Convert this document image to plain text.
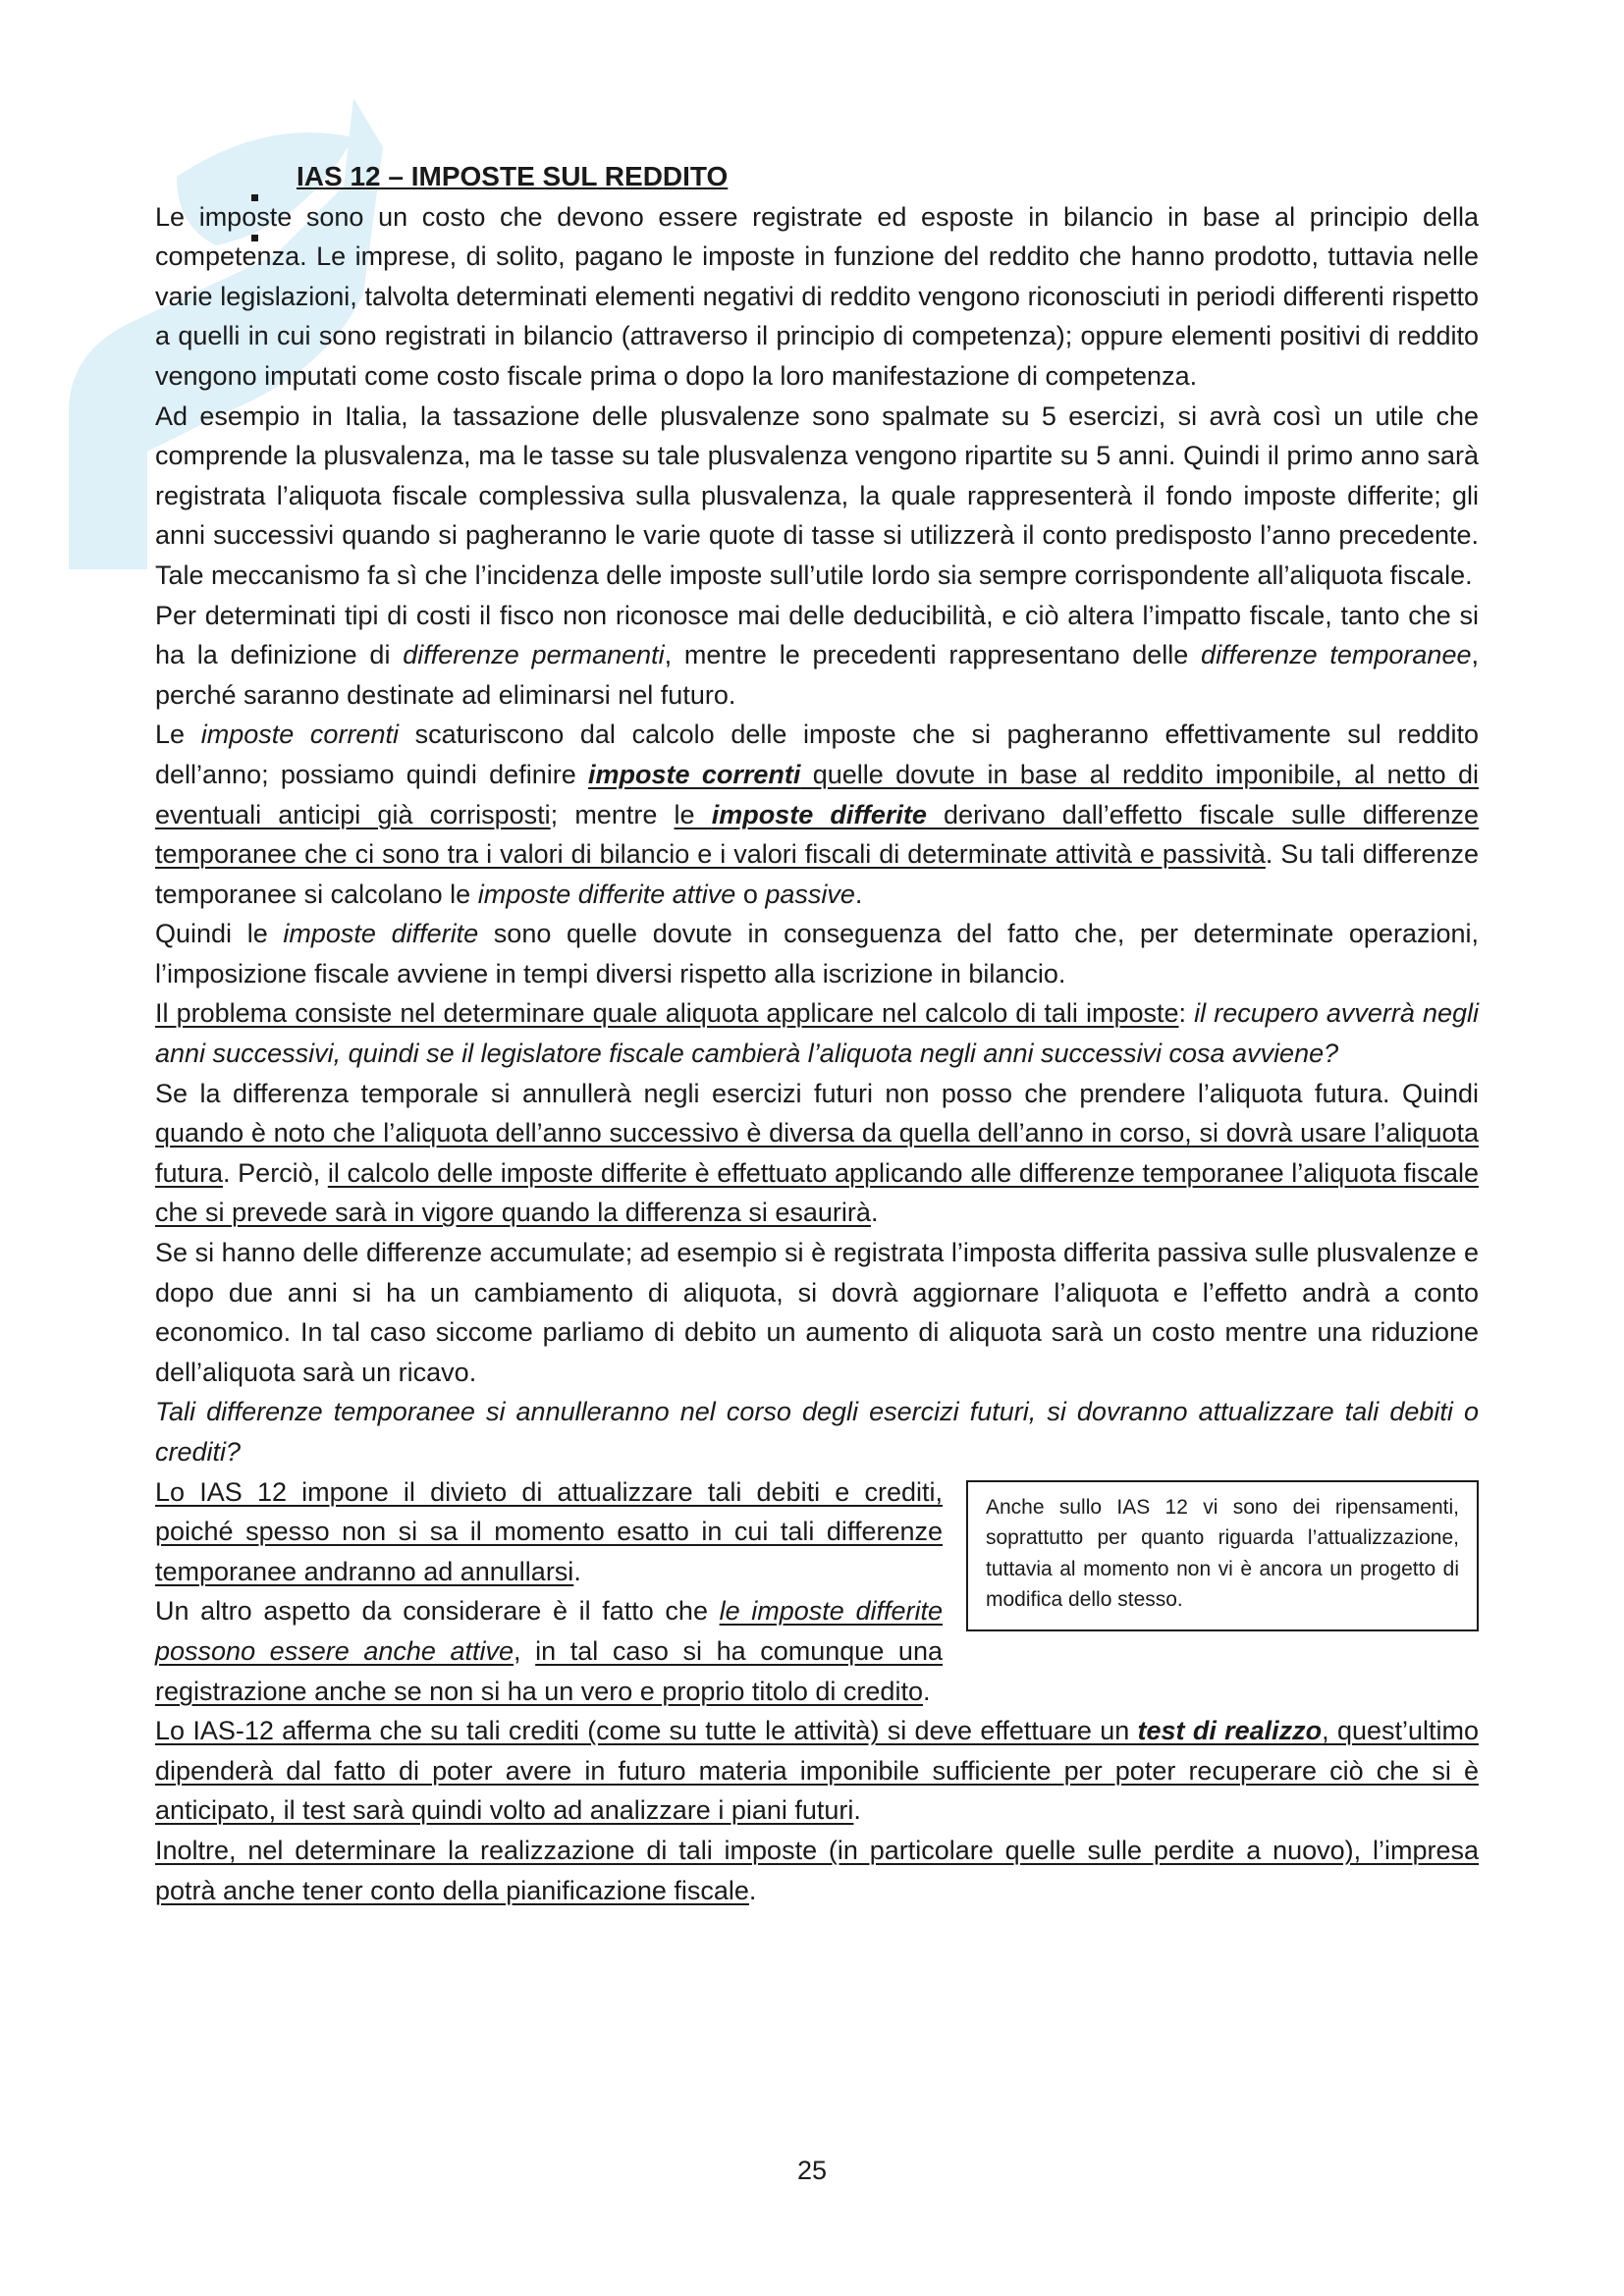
IAS 12 – IMPOSTE SUL REDDITO

Le imposte sono un costo che devono essere registrate ed esposte in bilancio in base al principio della competenza. Le imprese, di solito, pagano le imposte in funzione del reddito che hanno prodotto, tuttavia nelle varie legislazioni, talvolta determinati elementi negativi di reddito vengono riconosciuti in periodi differenti rispetto a quelli in cui sono registrati in bilancio (attraverso il principio di competenza); oppure elementi positivi di reddito vengono imputati come costo fiscale prima o dopo la loro manifestazione di competenza.

Ad esempio in Italia, la tassazione delle plusvalenze sono spalmate su 5 esercizi, si avrà così un utile che comprende la plusvalenza, ma le tasse su tale plusvalenza vengono ripartite su 5 anni. Quindi il primo anno sarà registrata l’aliquota fiscale complessiva sulla plusvalenza, la quale rappresenterà il fondo imposte differite; gli anni successivi quando si pagheranno le varie quote di tasse si utilizzerà il conto predisposto l’anno precedente. Tale meccanismo fa sì che l’incidenza delle imposte sull’utile lordo sia sempre corrispondente all’aliquota fiscale.

Per determinati tipi di costi il fisco non riconosce mai delle deducibilità, e ciò altera l’impatto fiscale, tanto che si ha la definizione di differenze permanenti, mentre le precedenti rappresentano delle differenze temporanee, perché saranno destinate ad eliminarsi nel futuro.

Le imposte correnti scaturiscono dal calcolo delle imposte che si pagheranno effettivamente sul reddito dell’anno; possiamo quindi definire imposte correnti quelle dovute in base al reddito imponibile, al netto di eventuali anticipi già corrisposti; mentre le imposte differite derivano dall’effetto fiscale sulle differenze temporanee che ci sono tra i valori di bilancio e i valori fiscali di determinate attività e passività. Su tali differenze temporanee si calcolano le imposte differite attive o passive.

Quindi le imposte differite sono quelle dovute in conseguenza del fatto che, per determinate operazioni, l’imposizione fiscale avviene in tempi diversi rispetto alla iscrizione in bilancio.

Il problema consiste nel determinare quale aliquota applicare nel calcolo di tali imposte: il recupero avverrà negli anni successivi, quindi se il legislatore fiscale cambierà l’aliquota negli anni successivi cosa avviene?

Se la differenza temporale si annullerà negli esercizi futuri non posso che prendere l’aliquota futura. Quindi quando è noto che l’aliquota dell’anno successivo è diversa da quella dell’anno in corso, si dovrà usare l’aliquota futura. Perciò, il calcolo delle imposte differite è effettuato applicando alle differenze temporanee l’aliquota fiscale che si prevede sarà in vigore quando la differenza si esaurirà.

Se si hanno delle differenze accumulate; ad esempio si è registrata l’imposta differita passiva sulle plusvalenze e dopo due anni si ha un cambiamento di aliquota, si dovrà aggiornare l’aliquota e l’effetto andrà a conto economico. In tal caso siccome parliamo di debito un aumento di aliquota sarà un costo mentre una riduzione dell’aliquota sarà un ricavo.

Tali differenze temporanee si annulleranno nel corso degli esercizi futuri, si dovranno attualizzare tali debiti o crediti?

Anche sullo IAS 12 vi sono dei ripensamenti, soprattutto per quanto riguarda l’attualizzazione, tuttavia al momento non vi è ancora un progetto di modifica dello stesso.

Lo IAS 12 impone il divieto di attualizzare tali debiti e crediti, poiché spesso non si sa il momento esatto in cui tali differenze temporanee andranno ad annullarsi.

Un altro aspetto da considerare è il fatto che le imposte differite possono essere anche attive, in tal caso si ha comunque una registrazione anche se non si ha un vero e proprio titolo di credito.

Lo IAS-12 afferma che su tali crediti (come su tutte le attività) si deve effettuare un test di realizzo, quest’ultimo dipenderà dal fatto di poter avere in futuro materia imponibile sufficiente per poter recuperare ciò che si è anticipato, il test sarà quindi volto ad analizzare i piani futuri.

Inoltre, nel determinare la realizzazione di tali imposte (in particolare quelle sulle perdite a nuovo), l’impresa potrà anche tener conto della pianificazione fiscale.

25
